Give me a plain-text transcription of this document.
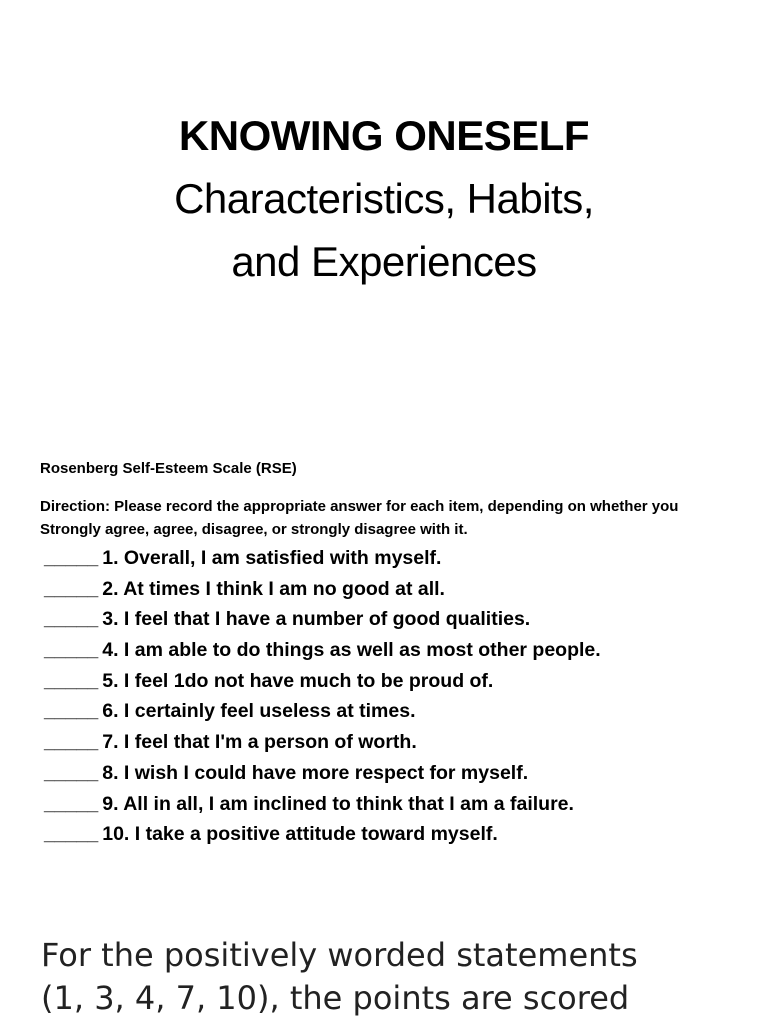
KNOWING ONESELF
Characteristics, Habits,
and Experiences
Rosenberg Self-Esteem Scale (RSE)
Direction: Please record the appropriate answer for each item, depending on whether you Strongly agree, agree, disagree, or strongly disagree with it.
_____ 1. Overall, I am satisfied with myself.
_____ 2. At times I think I am no good at all.
_____ 3. I feel that I have a number of good qualities.
_____ 4. I am able to do things as well as most other people.
_____ 5. I feel 1do not have much to be proud of.
_____ 6. I certainly feel useless at times.
_____ 7. I feel that I'm a person of worth.
_____ 8. I wish I could have more respect for myself.
_____ 9. All in all, I am inclined to think that I am a failure.
_____ 10. I take a positive attitude toward myself.
For the positively worded statements
(1, 3, 4, 7, 10), the points are scored
